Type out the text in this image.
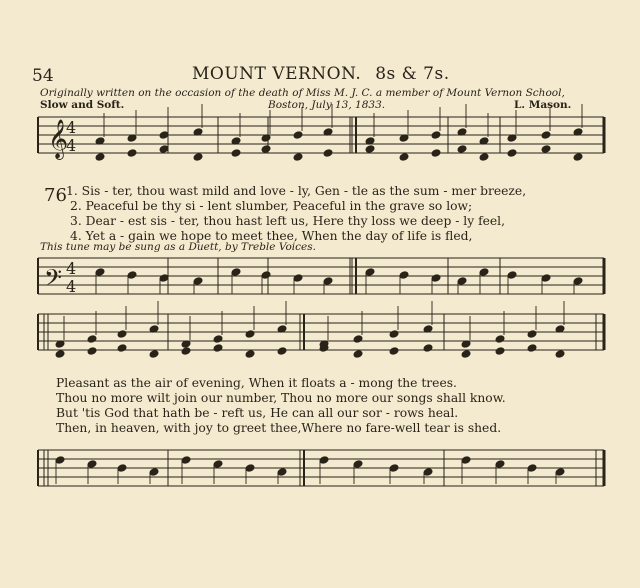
54	MOUNT VERNON. 8s & 7s.
Originally written on the occasion of the death of Miss M. J. C. a member of Mount Vernon School,
Slow and Soft.	Boston, July 13, 1833.	L. Mason.
𝄞
4
4
𝄢 4
4
76 1. Sis - ter, thou wast mild and love - ly, Gen - tle as the sum - mer breeze,
2. Peaceful be thy si - lent slumber, Peaceful in the grave so low;
3. Dear - est sis - ter, thou hast left us, Here thy loss we deep - ly feel,
4. Yet a - gain we hope to meet thee, When the day of life is fled,
This tune may be sung as a Duett, by Treble Voices.
Pleasant as the air of evening, When it floats a - mong the trees.
Thou no more wilt join our number, Thou no more our songs shall know.
But 'tis God that hath be - reft us, He can all our sor - rows heal.
Then, in heaven, with joy to greet thee,Where no fare-well tear is shed.
